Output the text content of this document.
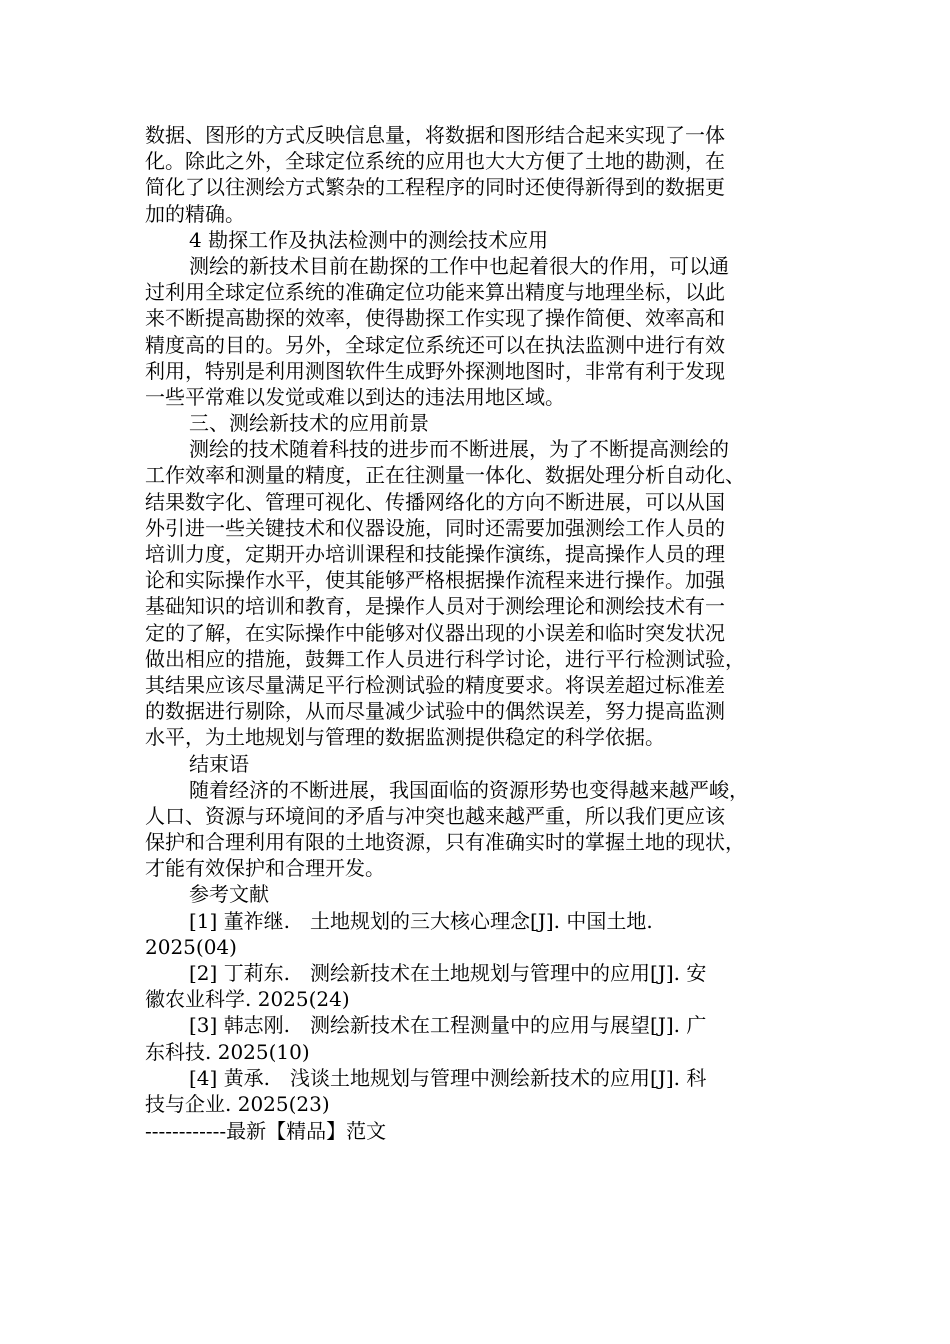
数据、图形的方式反映信息量，将数据和图形结合起来实现了一体
化。除此之外，全球定位系统的应用也大大方便了土地的勘测，在
简化了以往测绘方式繁杂的工程程序的同时还使得新得到的数据更
加的精确。
4 勘探工作及执法检测中的测绘技术应用
测绘的新技术目前在勘探的工作中也起着很大的作用，可以通
过利用全球定位系统的准确定位功能来算出精度与地理坐标，以此
来不断提高勘探的效率，使得勘探工作实现了操作简便、效率高和
精度高的目的。另外，全球定位系统还可以在执法监测中进行有效
利用，特别是利用测图软件生成野外探测地图时，非常有利于发现
一些平常难以发觉或难以到达的违法用地区域。
三、测绘新技术的应用前景
测绘的技术随着科技的进步而不断进展，为了不断提高测绘的
工作效率和测量的精度，正在往测量一体化、数据处理分析自动化、
结果数字化、管理可视化、传播网络化的方向不断进展，可以从国
外引进一些关键技术和仪器设施，同时还需要加强测绘工作人员的
培训力度，定期开办培训课程和技能操作演练，提高操作人员的理
论和实际操作水平，使其能够严格根据操作流程来进行操作。加强
基础知识的培训和教育，是操作人员对于测绘理论和测绘技术有一
定的了解，在实际操作中能够对仪器出现的小误差和临时突发状况
做出相应的措施，鼓舞工作人员进行科学讨论，进行平行检测试验，
其结果应该尽量满足平行检测试验的精度要求。将误差超过标准差
的数据进行剔除，从而尽量减少试验中的偶然误差，努力提高监测
水平，为土地规划与管理的数据监测提供稳定的科学依据。
结束语
随着经济的不断进展，我国面临的资源形势也变得越来越严峻，
人口、资源与环境间的矛盾与冲突也越来越严重，所以我们更应该
保护和合理利用有限的土地资源，只有准确实时的掌握土地的现状，
才能有效保护和合理开发。
参考文献
[1] 董祚继.　土地规划的三大核心理念[J]. 中国土地.
2025(04)
[2] 丁莉东.　测绘新技术在土地规划与管理中的应用[J]. 安
徽农业科学. 2025(24)
[3] 韩志刚.　测绘新技术在工程测量中的应用与展望[J]. 广
东科技. 2025(10)
[4] 黄承.　浅谈土地规划与管理中测绘新技术的应用[J]. 科
技与企业. 2025(23)
------------最新【精品】范文
